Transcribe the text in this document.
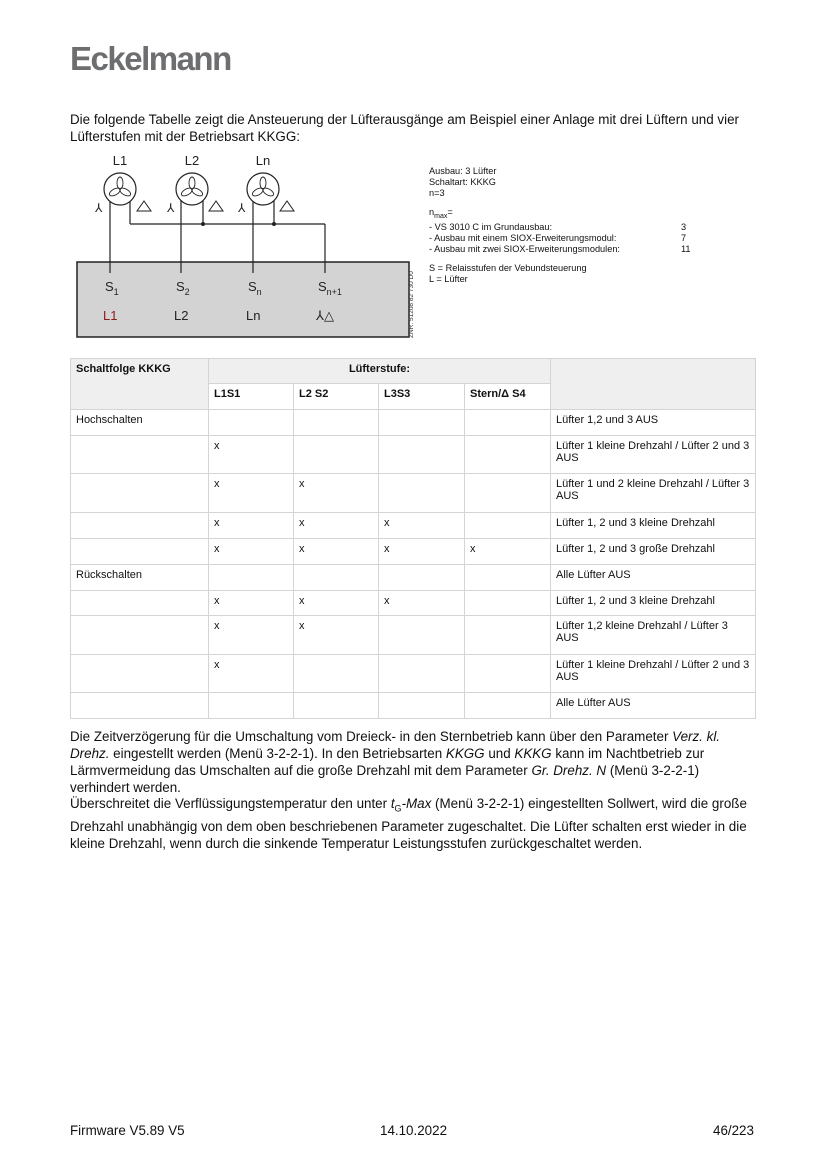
Eckelmann
Die folgende Tabelle zeigt die Ansteuerung der Lüfterausgänge am Beispiel einer Anlage mit drei Lüftern und vier Lüfterstufen mit der Betriebsart KKGG:
L1
⅄
L2
⅄
Ln
⅄
$S_1$
L1
$S_2$
L2
$S_n$
Ln
$S_{n+1}$
⅄△	ZNR. 51208 82 730 D0
Ausbau: 3 Lüfter
Schaltart: KKKG
n=3
$n_{max}=$
- VS 3010 C im Grundausbau:	3
- Ausbau mit einem SIOX-Erweiterungsmodul:	7
- Ausbau mit zwei SIOX-Erweiterungsmodulen:	11
S = Relaisstufen der Vebundsteuerung
L = Lüfter
Schaltfolge KKKG	Lüfterstufe:				
	L1S1	L2 S2	L3S3	Stern/Δ S4	
Hochschalten					Lüfter 1,2 und 3 AUS
	x				Lüfter 1 kleine Drehzahl / Lüfter 2 und 3 AUS
	x	x			Lüfter 1 und 2 kleine Drehzahl / Lüfter 3 AUS
	x	x	x		Lüfter 1, 2 und 3 kleine Drehzahl
	x	x	x	x	Lüfter 1, 2 und 3 große Drehzahl
Rückschalten					Alle Lüfter AUS
	x	x	x		Lüfter 1, 2 und 3 kleine Drehzahl
	x	x			Lüfter 1,2 kleine Drehzahl / Lüfter 3 AUS
	x				Lüfter 1 kleine Drehzahl / Lüfter 2 und 3 AUS
					Alle Lüfter AUS
Die Zeitverzögerung für die Umschaltung vom Dreieck- in den Sternbetrieb kann über den Parameter Verz. kl. Drehz. eingestellt werden (Menü 3-2-2-1). In den Betriebsarten KKGG und KKKG kann im Nachtbetrieb zur Lärmvermeidung das Umschalten auf die große Drehzahl mit dem Parameter Gr. Drehz. N (Menü 3-2-2-1) verhindert werden.
Überschreitet die Verflüssigungstemperatur den unter $t_G$-Max (Menü 3-2-2-1) eingestellten Sollwert, wird die große Drehzahl unabhängig von dem oben beschriebenen Parameter zugeschaltet. Die Lüfter schalten erst wieder in die kleine Drehzahl, wenn durch die sinkende Temperatur Leistungsstufen zurückgeschaltet werden.
Firmware V5.89 V5	14.10.2022	46/223
